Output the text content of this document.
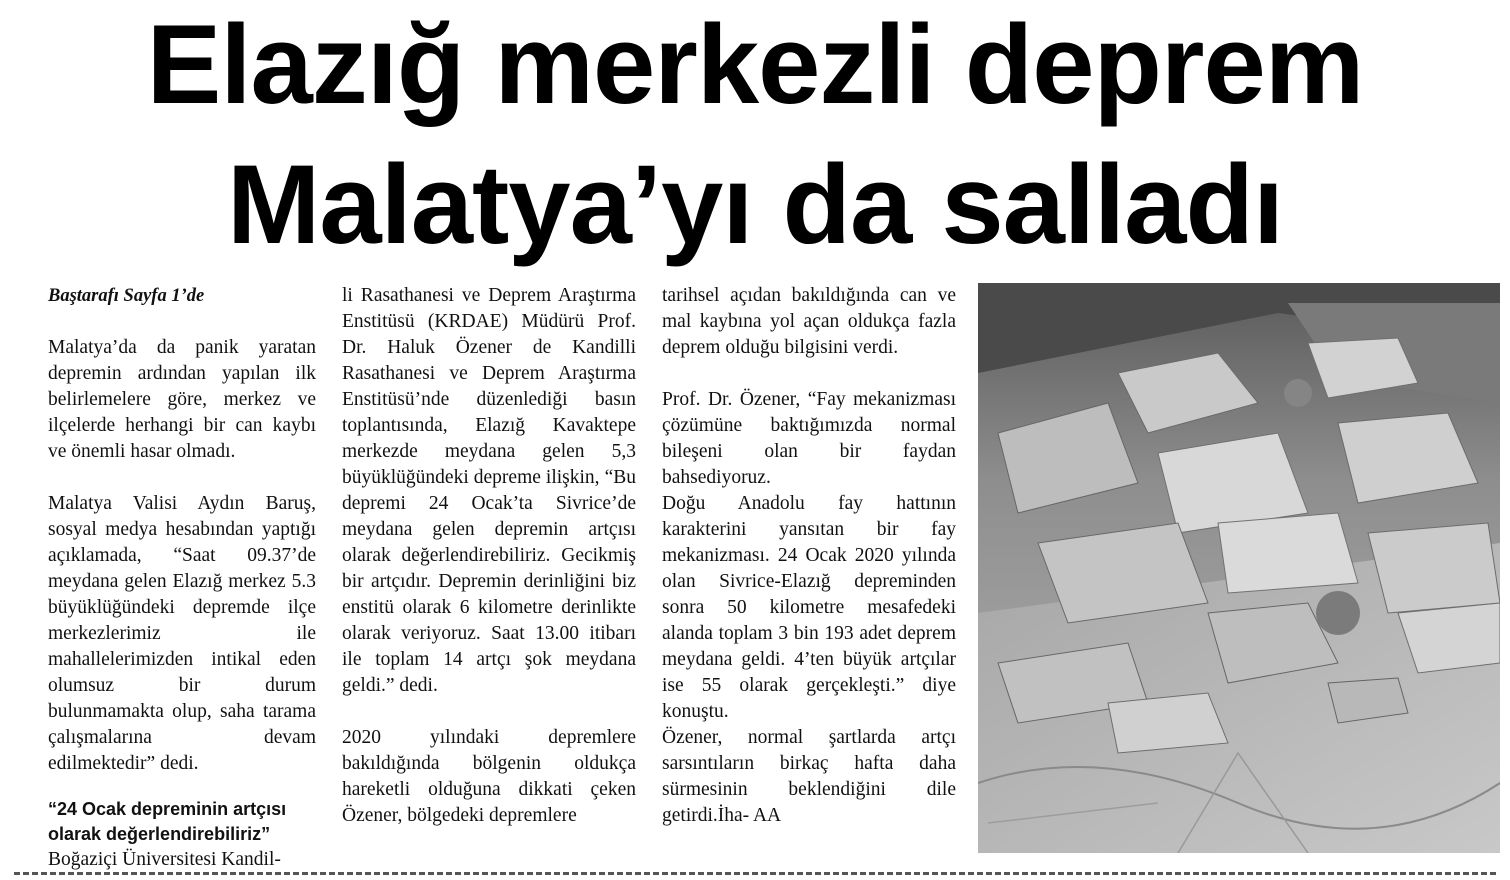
Elazığ merkezli deprem
Malatya’yı da salladı

Baştarafı Sayfa 1’de

Malatya’da da panik yaratan depremin ardından yapılan ilk belirlemelere göre, merkez ve ilçelerde herhangi bir can kaybı ve önemli hasar olmadı.

Malatya Valisi Aydın Baruş, sosyal medya hesabından yaptığı açıklamada, “Saat 09.37’de meydana gelen Elazığ merkez 5.3 büyüklüğündeki depremde ilçe merkezlerimiz ile mahallelerimizden intikal eden olumsuz bir durum bulunmamakta olup, saha tarama çalışmalarına devam edilmektedir” dedi.

“24 Ocak depreminin artçısı olarak değerlendirebiliriz”

Boğaziçi Üniversitesi Kandil-

li Rasathanesi ve Deprem Araştırma Enstitüsü (KRDAE) Müdürü Prof. Dr. Haluk Özener de Kandilli Rasathanesi ve Deprem Araştırma Enstitüsü’nde düzenlediği basın toplantısında, Elazığ Kavaktepe merkezde meydana gelen 5,3 büyüklüğündeki depreme ilişkin, “Bu depremi 24 Ocak’ta Sivrice’de meydana gelen depremin artçısı olarak değerlendirebiliriz. Gecikmiş bir artçıdır. Depremin derinliğini biz enstitü olarak 6 kilometre derinlikte olarak veriyoruz. Saat 13.00 itibarı ile toplam 14 artçı şok meydana geldi.” dedi.

2020 yılındaki depremlere bakıldığında bölgenin oldukça hareketli olduğuna dikkati çeken Özener, bölgedeki depremlere

tarihsel açıdan bakıldığında can ve mal kaybına yol açan oldukça fazla deprem olduğu bilgisini verdi.

Prof. Dr. Özener, “Fay mekanizması çözümüne baktığımızda normal bileşeni olan bir faydan bahsediyoruz.

Doğu Anadolu fay hattının karakterini yansıtan bir fay mekanizması. 24 Ocak 2020 yılında olan Sivrice-Elazığ depreminden sonra 50 kilometre mesafedeki alanda toplam 3 bin 193 adet deprem meydana geldi. 4’ten büyük artçılar ise 55 olarak gerçekleşti.” diye konuştu.

Özener, normal şartlarda artçı sarsıntıların birkaç hafta daha sürmesinin beklendiğini dile getirdi.İha- AA
